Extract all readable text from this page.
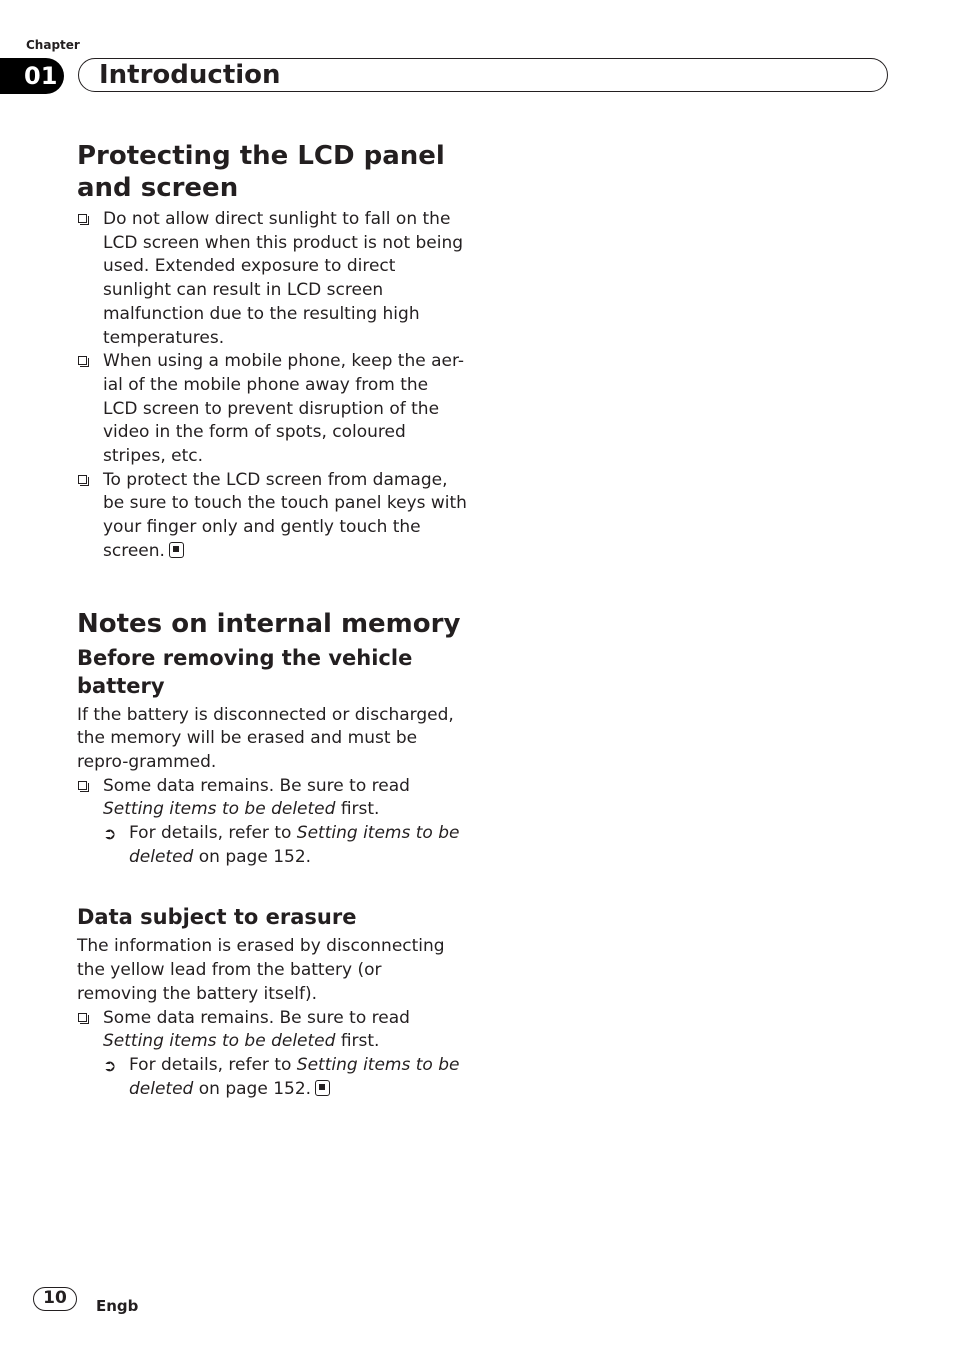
Chapter
01 Introduction
Protecting the LCD panel
and screen
Do not allow direct sunlight to fall on the LCD screen when this product is not being used. Extended exposure to direct sunlight can result in LCD screen malfunction due to the resulting high temperatures.
When using a mobile phone, keep the aer-ial of the mobile phone away from the LCD screen to prevent disruption of the video in the form of spots, coloured stripes, etc.
To protect the LCD screen from damage, be sure to touch the touch panel keys with your finger only and gently touch the screen.
Notes on internal memory
Before removing the vehicle
battery

If the battery is disconnected or discharged, the memory will be erased and must be repro-grammed.

Some data remains. Be sure to read Setting items to be deleted first.
➲ For details, refer to Setting items to be deleted on page 152.
Data subject to erasure

The information is erased by disconnecting the yellow lead from the battery (or removing the battery itself).

Some data remains. Be sure to read Setting items to be deleted first.
➲ For details, refer to Setting items to be deleted on page 152.
10	Engb
